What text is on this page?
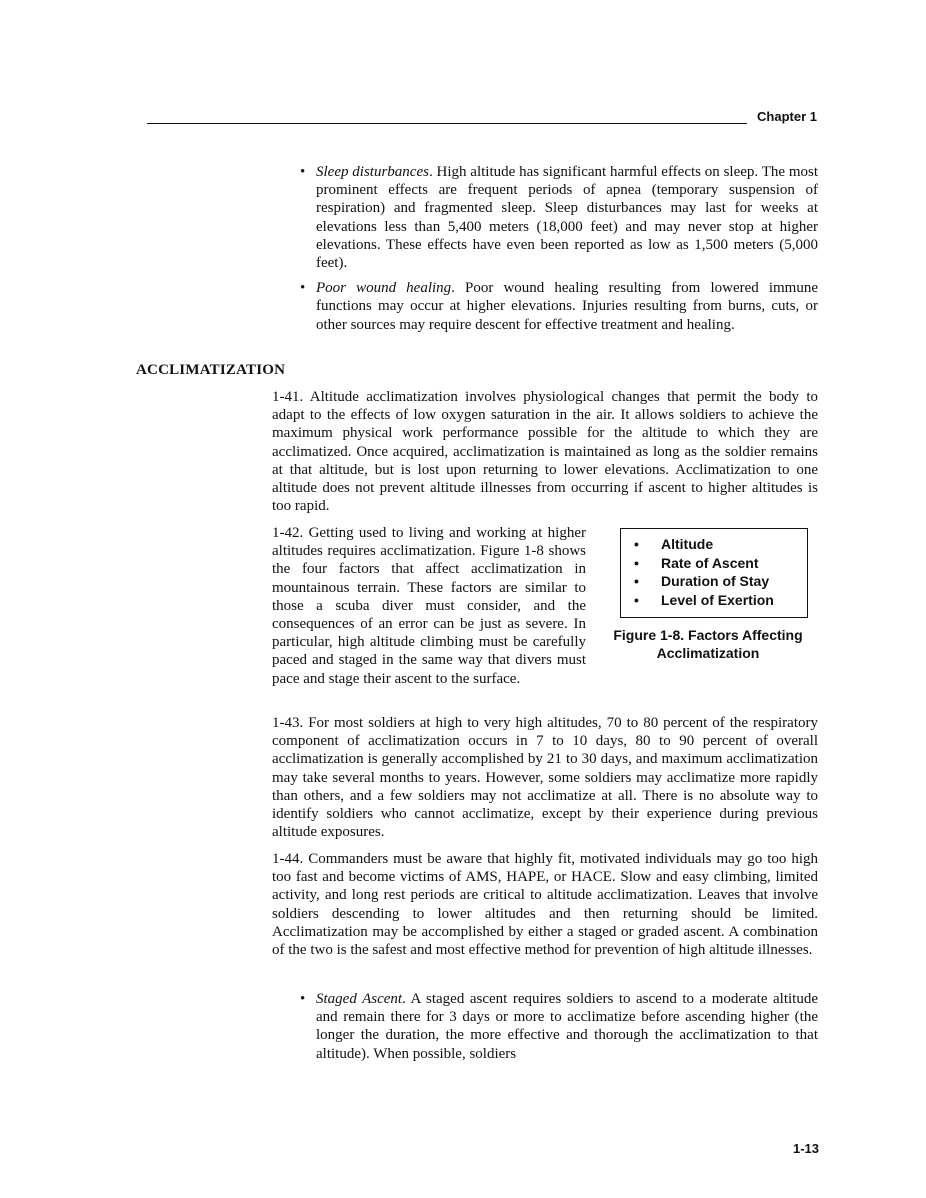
Chapter 1
• Sleep disturbances. High altitude has significant harmful effects on sleep. The most prominent effects are frequent periods of apnea (temporary suspension of respiration) and fragmented sleep. Sleep disturbances may last for weeks at elevations less than 5,400 meters (18,000 feet) and may never stop at higher elevations. These effects have even been reported as low as 1,500 meters (5,000 feet).
• Poor wound healing. Poor wound healing resulting from lowered immune functions may occur at higher elevations. Injuries resulting from burns, cuts, or other sources may require descent for effective treatment and healing.
ACCLIMATIZATION

1-41. Altitude acclimatization involves physiological changes that permit the body to adapt to the effects of low oxygen saturation in the air. It allows soldiers to achieve the maximum physical work performance possible for the altitude to which they are acclimatized. Once acquired, acclimatization is maintained as long as the soldier remains at that altitude, but is lost upon returning to lower elevations. Acclimatization to one altitude does not prevent altitude illnesses from occurring if ascent to higher altitudes is too rapid.

• Altitude
• Rate of Ascent
• Duration of Stay
• Level of Exertion
Figure 1-8. Factors Affecting
Acclimatization
1-42. Getting used to living and working at higher altitudes requires acclimatization. Figure 1-8 shows the four factors that affect acclimatization in mountainous terrain. These factors are similar to those a scuba diver must consider, and the consequences of an error can be just as severe. In particular, high altitude climbing must be carefully paced and staged in the same way that divers must pace and stage their ascent to the surface.

1-43. For most soldiers at high to very high altitudes, 70 to 80 percent of the respiratory component of acclimatization occurs in 7 to 10 days, 80 to 90 percent of overall acclimatization is generally accomplished by 21 to 30 days, and maximum acclimatization may take several months to years. However, some soldiers may acclimatize more rapidly than others, and a few soldiers may not acclimatize at all. There is no absolute way to identify soldiers who cannot acclimatize, except by their experience during previous altitude exposures.

1-44. Commanders must be aware that highly fit, motivated individuals may go too high too fast and become victims of AMS, HAPE, or HACE. Slow and easy climbing, limited activity, and long rest periods are critical to altitude acclimatization. Leaves that involve soldiers descending to lower altitudes and then returning should be limited. Acclimatization may be accomplished by either a staged or graded ascent. A combination of the two is the safest and most effective method for prevention of high altitude illnesses.

• Staged Ascent. A staged ascent requires soldiers to ascend to a moderate altitude and remain there for 3 days or more to acclimatize before ascending higher (the longer the duration, the more effective and thorough the acclimatization to that altitude). When possible, soldiers
1-13
